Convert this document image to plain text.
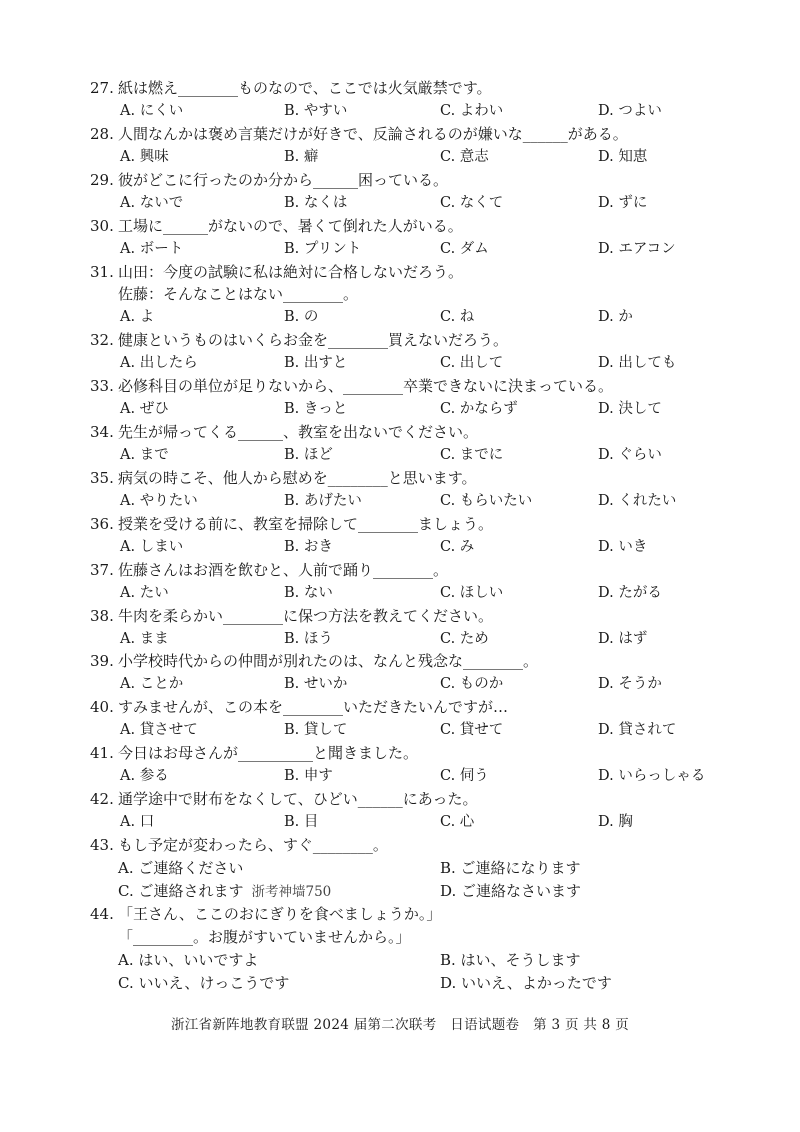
27. 紙は燃え________ものなので、ここでは火気厳禁です。
A. にくい	B. やすい	C. よわい	D. つよい
28. 人間なんかは褒め言葉だけが好きで、反論されるのが嫌いな______がある。
A. 興味	B. 癖	C. 意志	D. 知恵
29. 彼がどこに行ったのか分から______困っている。
A. ないで	B. なくは	C. なくて	D. ずに
30. 工場に______がないので、暑くて倒れた人がいる。
A. ボート	B. プリント	C. ダム	D. エアコン
31. 山田：今度の試験に私は絶対に合格しないだろう。
佐藤：そんなことはない________。
A. よ	B. の	C. ね	D. か
32. 健康というものはいくらお金を________買えないだろう。
A. 出したら	B. 出すと	C. 出して	D. 出しても
33. 必修科目の単位が足りないから、________卒業できないに決まっている。
A. ぜひ	B. きっと	C. かならず	D. 決して
34. 先生が帰ってくる______、教室を出ないでください。
A. まで	B. ほど	C. までに	D. ぐらい
35. 病気の時こそ、他人から慰めを________と思います。
A. やりたい	B. あげたい	C. もらいたい	D. くれたい
36. 授業を受ける前に、教室を掃除して________ましょう。
A. しまい	B. おき	C. み	D. いき
37. 佐藤さんはお酒を飲むと、人前で踊り________。
A. たい	B. ない	C. ほしい	D. たがる
38. 牛肉を柔らかい________に保つ方法を教えてください。
A. まま	B. ほう	C. ため	D. はず
39. 小学校時代からの仲間が別れたのは、なんと残念な________。
A. ことか	B. せいか	C. ものか	D. そうか
40. すみませんが、この本を________いただきたいんですが…
A. 貸させて	B. 貸して	C. 貸せて	D. 貸されて
41. 今日はお母さんが__________と聞きました。
A. 参る	B. 申す	C. 伺う	D. いらっしゃる
42. 通学途中で財布をなくして、ひどい______にあった。
A. 口	B. 目	C. 心	D. 胸
43. もし予定が変わったら、すぐ________。
A. ご連絡ください	B. ご連絡になります
C. ご連絡されます 浙考神墙750	D. ご連絡なさいます
44. 「王さん、ここのおにぎりを食べましょうか。」
「________。お腹がすいていませんから。」
A. はい、いいですよ	B. はい、そうします
C. いいえ、けっこうです	D. いいえ、よかったです
浙江省新阵地教育联盟 2024 届第二次联考　日语试题卷　第 3 页 共 8 页
